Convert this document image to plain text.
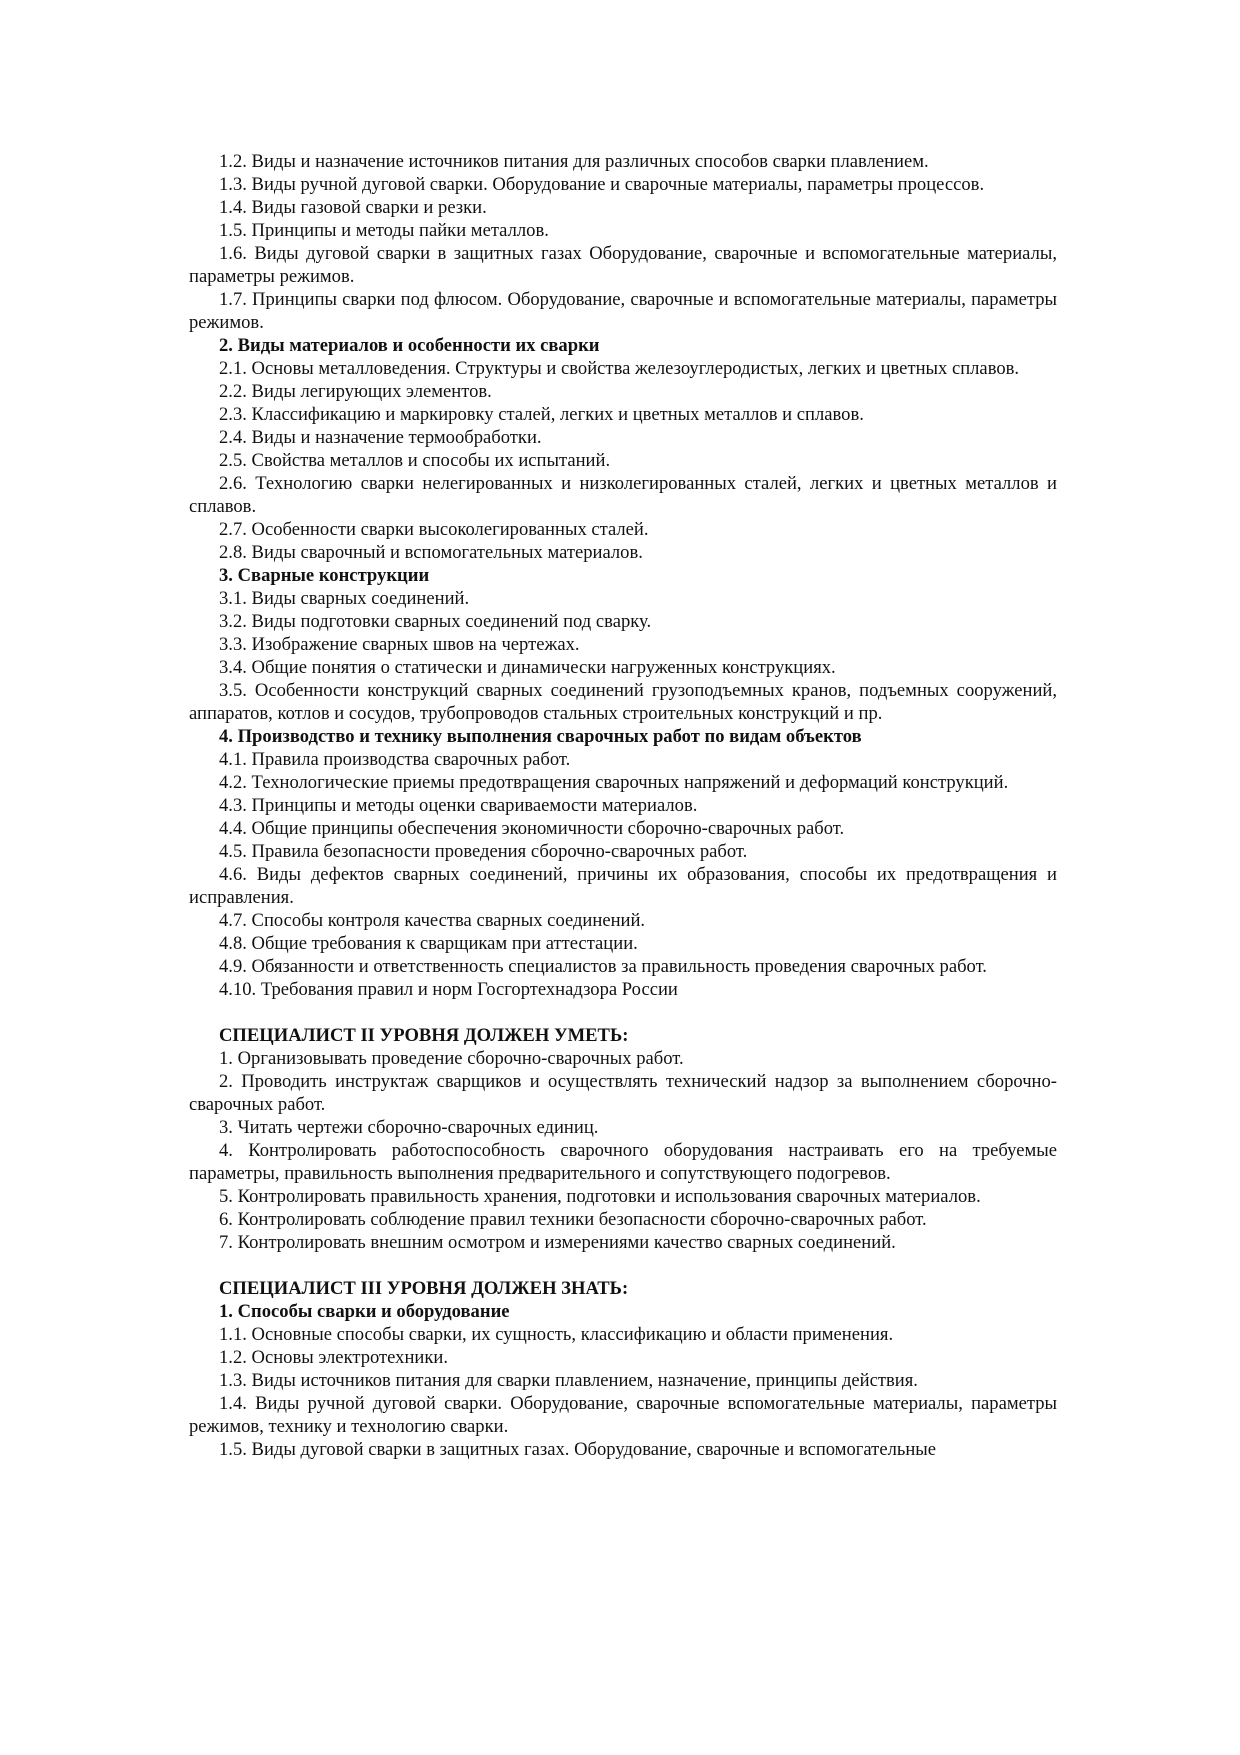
1.2. Виды и назначение источников питания для различных способов сварки плавлением.

1.3. Виды ручной дуговой сварки. Оборудование и сварочные материалы, параметры процессов.

1.4. Виды газовой сварки и резки.

1.5. Принципы и методы пайки металлов.

1.6. Виды дуговой сварки в защитных газах Оборудование, сварочные и вспомогательные материалы, параметры режимов.

1.7. Принципы сварки под флюсом. Оборудование, сварочные и вспомогательные материалы, параметры режимов.

2. Виды материалов и особенности их сварки

2.1. Основы металловедения. Структуры и свойства железоуглеродистых, легких и цветных сплавов.

2.2. Виды легирующих элементов.

2.3. Классификацию и маркировку сталей, легких и цветных металлов и сплавов.

2.4. Виды и назначение термообработки.

2.5. Свойства металлов и способы их испытаний.

2.6. Технологию сварки нелегированных и низколегированных сталей, легких и цветных металлов и сплавов.

2.7. Особенности сварки высоколегированных сталей.

2.8. Виды сварочный и вспомогательных материалов.

3. Сварные конструкции

3.1. Виды сварных соединений.

3.2. Виды подготовки сварных соединений под сварку.

3.3. Изображение сварных швов на чертежах.

3.4. Общие понятия о статически и динамически нагруженных конструкциях.

3.5. Особенности конструкций сварных соединений грузоподъемных кранов, подъемных сооружений, аппаратов, котлов и сосудов, трубопроводов стальных строительных конструкций и пр.

4. Производство и технику выполнения сварочных работ по видам объектов

4.1. Правила производства сварочных работ.

4.2. Технологические приемы предотвращения сварочных напряжений и деформаций конструкций.

4.3. Принципы и методы оценки свариваемости материалов.

4.4. Общие принципы обеспечения экономичности сборочно-сварочных работ.

4.5. Правила безопасности проведения сборочно-сварочных работ.

4.6. Виды дефектов сварных соединений, причины их образования, способы их предотвращения и исправления.

4.7. Способы контроля качества сварных соединений.

4.8. Общие требования к сварщикам при аттестации.

4.9. Обязанности и ответственность специалистов за правильность проведения сварочных работ.

4.10. Требования правил и норм Госгортехнадзора России

СПЕЦИАЛИСТ II УРОВНЯ ДОЛЖЕН УМЕТЬ:

1. Организовывать проведение сборочно-сварочных работ.

2. Проводить инструктаж сварщиков и осуществлять технический надзор за выполнением сборочно-сварочных работ.

3. Читать чертежи сборочно-сварочных единиц.

4. Контролировать работоспособность сварочного оборудования настраивать его на требуемые параметры, правильность выполнения предварительного и сопутствующего подогревов.

5. Контролировать правильность хранения, подготовки и использования сварочных материалов.

6. Контролировать соблюдение правил техники безопасности сборочно-сварочных работ.

7. Контролировать внешним осмотром и измерениями качество сварных соединений.

СПЕЦИАЛИСТ III УРОВНЯ ДОЛЖЕН ЗНАТЬ:

1. Способы сварки и оборудование

1.1. Основные способы сварки, их сущность, классификацию и области применения.

1.2. Основы электротехники.

1.3. Виды источников питания для сварки плавлением, назначение, принципы действия.

1.4. Виды ручной дуговой сварки. Оборудование, сварочные вспомогательные материалы, параметры режимов, технику и технологию сварки.

1.5. Виды дуговой сварки в защитных газах. Оборудование, сварочные и вспомогательные
